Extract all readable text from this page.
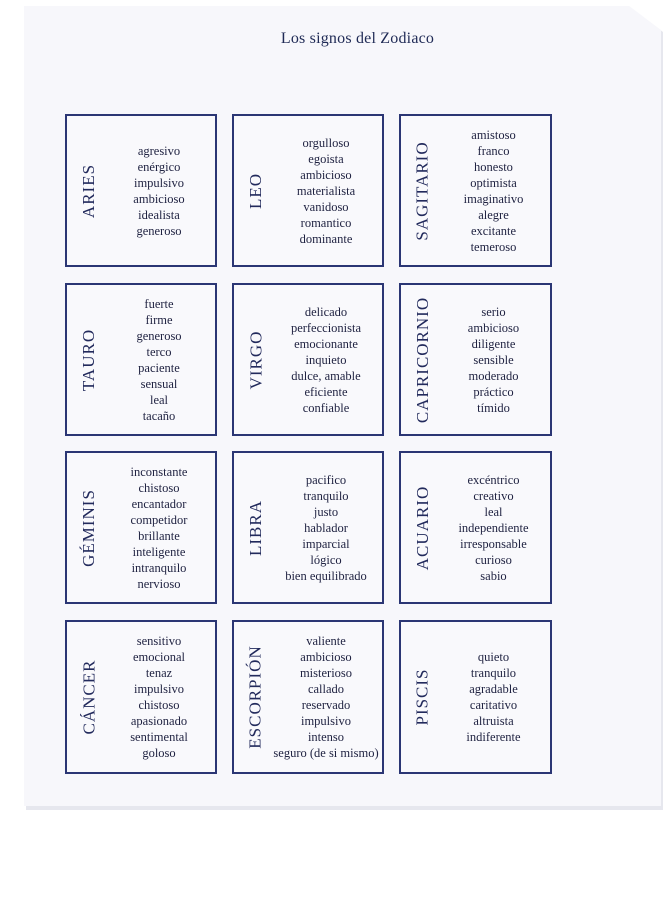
Los signos del Zodiaco
ARIES
agresivo
enérgico
impulsivo
ambicioso
idealista
generoso
LEO
orgulloso
egoista
ambicioso
materialista
vanidoso
romantico
dominante	SAGITARIO
amistoso
franco
honesto
optimista
imaginativo
alegre
excitante
temeroso
TAURO
fuerte
firme
generoso
terco
paciente
sensual
leal
tacaño
VIRGO
delicado
perfeccionista
emocionante
inquieto
dulce, amable
eficiente
confiable	CAPRICORNIO	serio
ambicioso
diligente
sensible
moderado
práctico
tímido
GÉMINIS
inconstante
chistoso
encantador
competidor
brillante
inteligente
intranquilo
nervioso
LIBRA
pacifico
tranquilo
justo
hablador
imparcial
lógico
bien equilibrado
ACUARIO
excéntrico
creativo
leal
independiente
irresponsable
curioso
sabio
CÁNCER
sensitivo
emocional
tenaz
impulsivo
chistoso
apasionado
sentimental
goloso
ESCORPIÓN
valiente
ambicioso
misterioso
callado
reservado
impulsivo
intenso
seguro (de si mismo)
PISCIS
quieto
tranquilo
agradable
caritativo
altruista
indiferente
